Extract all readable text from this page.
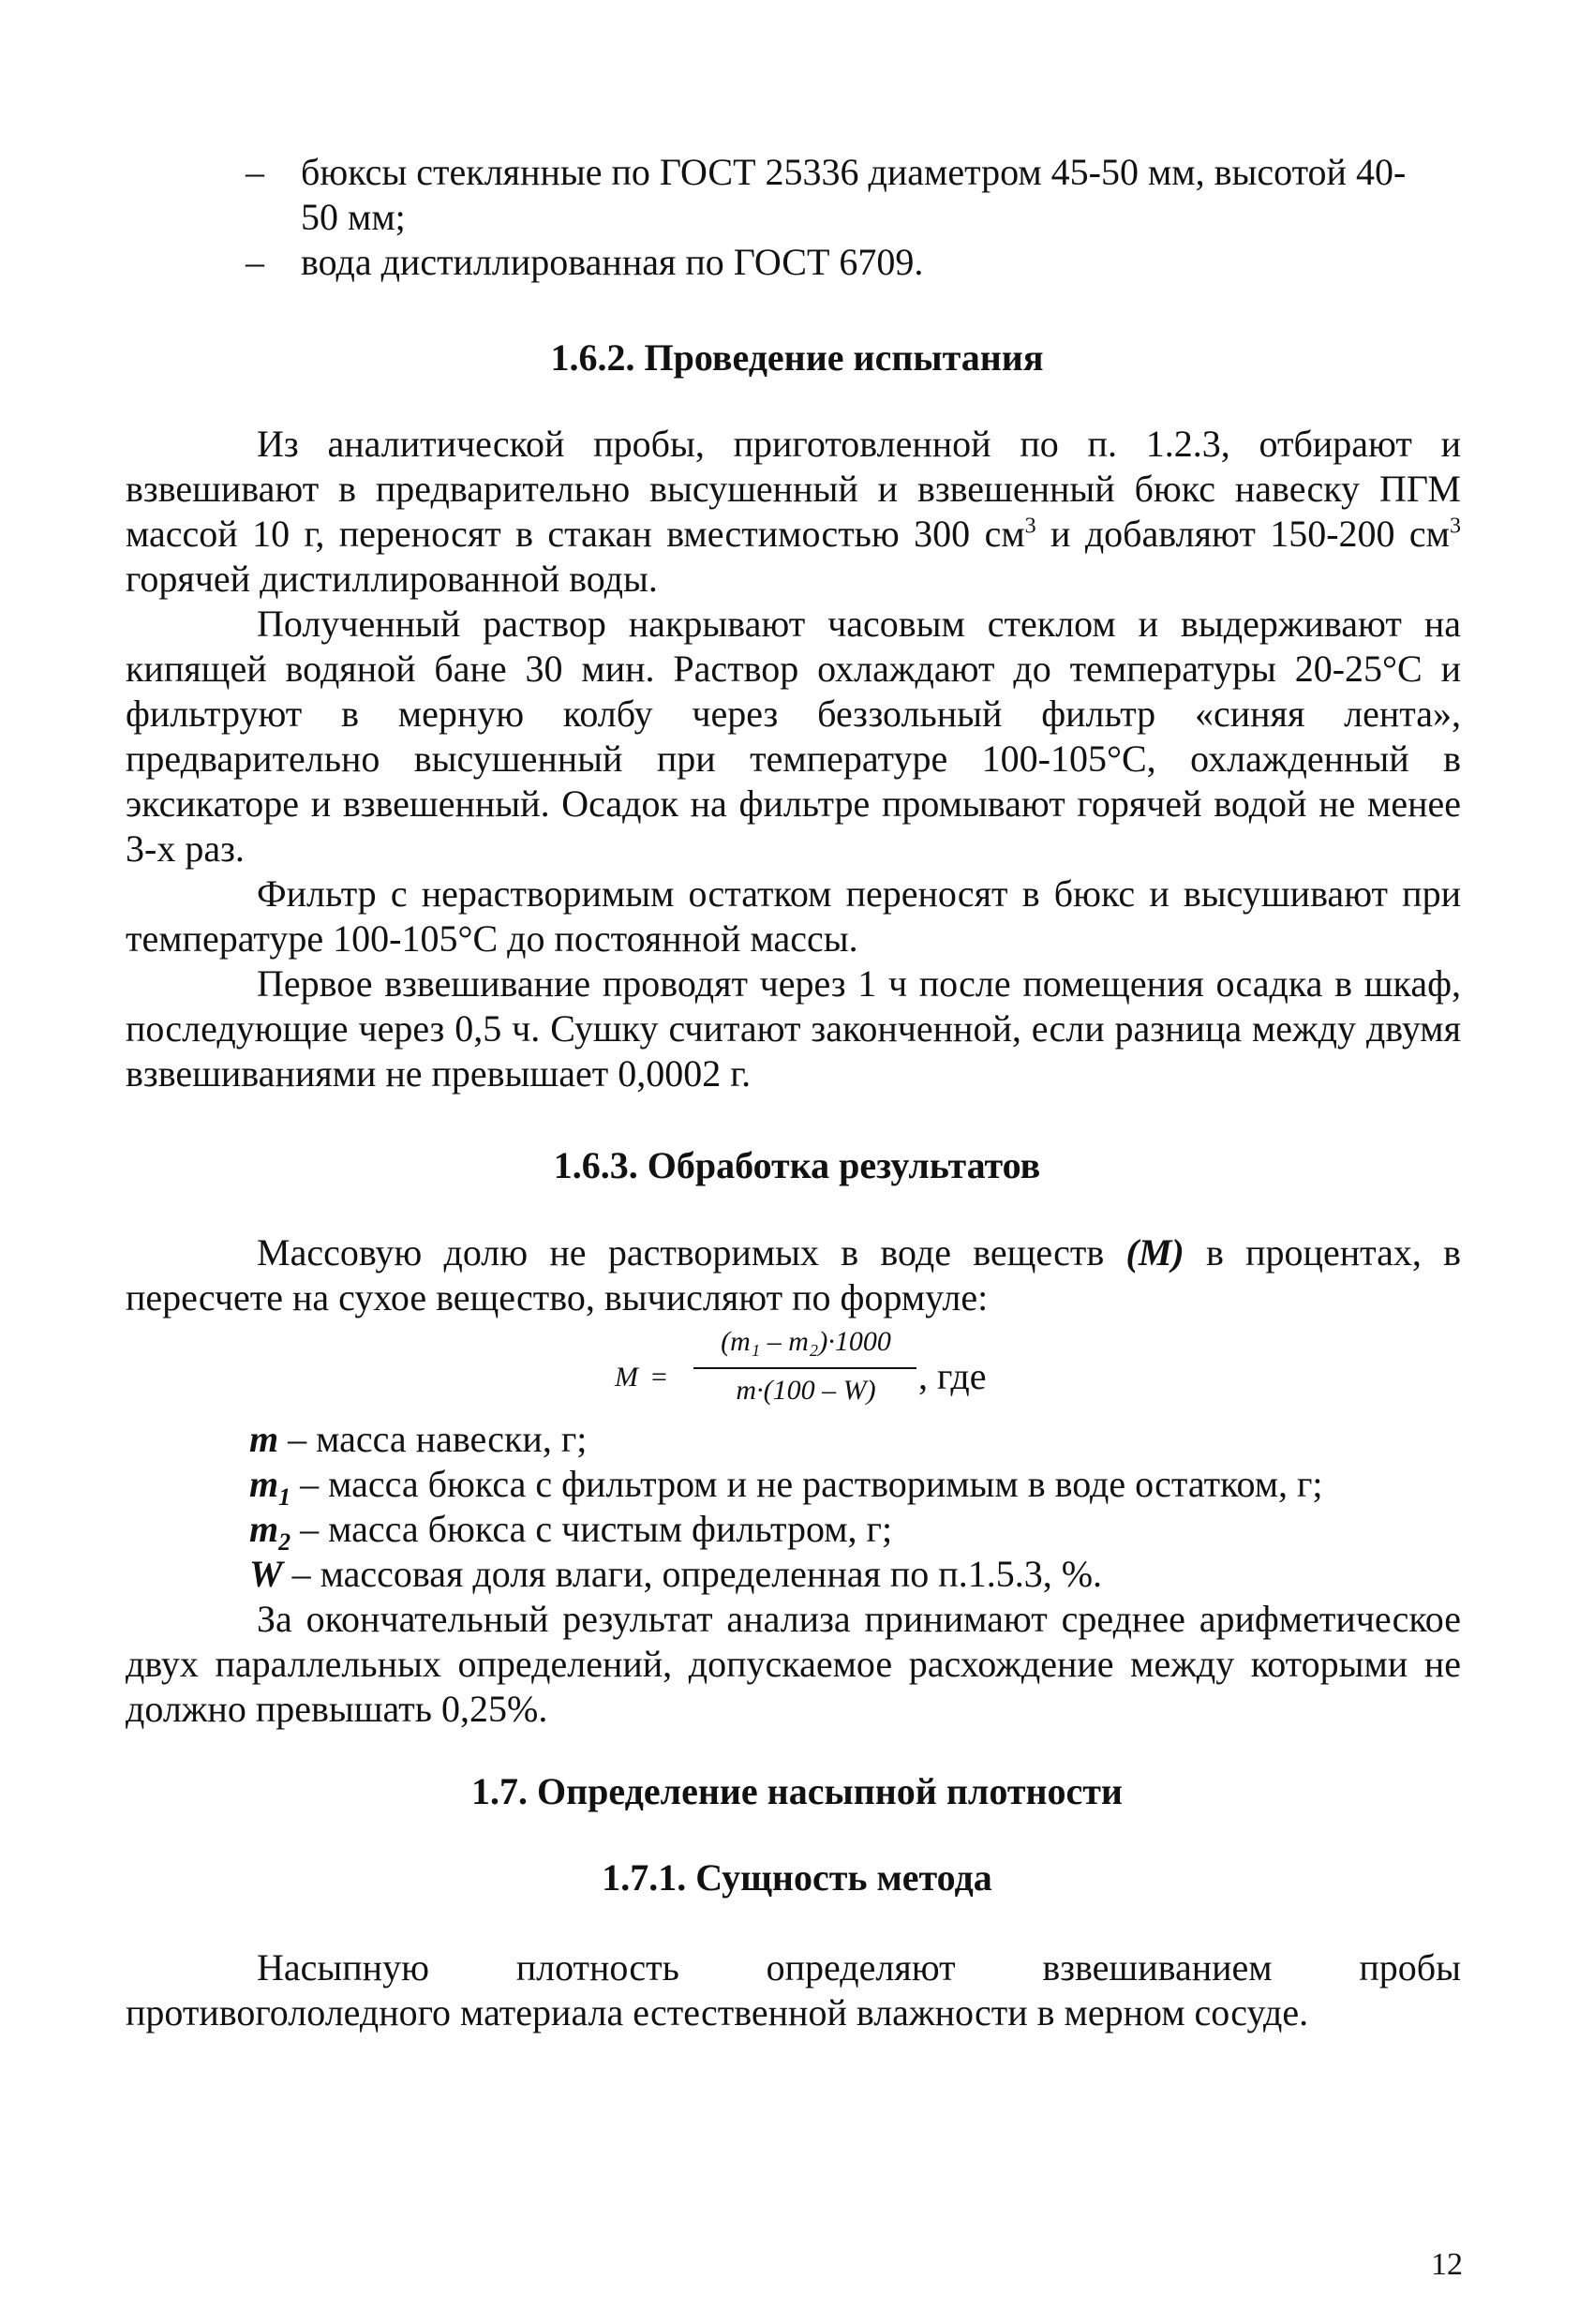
– бюксы стеклянные по ГОСТ 25336 диаметром 45-50 мм, высотой 40-
50 мм;

– вода дистиллированная по ГОСТ 6709.

1.6.2. Проведение испытания

Из аналитической пробы, приготовленной по п. 1.2.3, отбирают и взвешивают в предварительно высушенный и взвешенный бюкс навеску ПГМ массой 10 г, переносят в стакан вместимостью 300 $см^3$ и добавляют 150-200 $см^3$ горячей дистиллированной воды.

Полученный раствор накрывают часовым стеклом и выдерживают на кипящей водяной бане 30 мин. Раствор охлаждают до температуры 20-25°С и фильтруют в мерную колбу через беззольный фильтр «синяя лента», предварительно высушенный при температуре 100-105°С, охлажденный в эксикаторе и взвешенный. Осадок на фильтре промывают горячей водой не менее 3-х раз.

Фильтр с нерастворимым остатком переносят в бюкс и высушивают при температуре 100-105°С до постоянной массы.

Первое взвешивание проводят через 1 ч после помещения осадка в шкаф, последующие через 0,5 ч. Сушку считают законченной, если разница между двумя взвешиваниями не превышает 0,0002 г.

1.6.3. Обработка результатов

Массовую долю не растворимых в воде веществ (М) в процентах, в пересчете на сухое вещество, вычисляют по формуле:

M =
(m₁ – m₂)·1000
m·(100 – W)	, где

m – масса навески, г;

$m_1$ – масса бюкса с фильтром и не растворимым в воде остатком, г;

$m_2$ – масса бюкса с чистым фильтром, г;

W – массовая доля влаги, определенная по п.1.5.3, %.

За окончательный результат анализа принимают среднее арифметическое двух параллельных определений, допускаемое расхождение между которыми не должно превышать 0,25%.

1.7. Определение насыпной плотности
1.7.1. Сущность метода

Насыпную плотность определяют взвешиванием пробы противогололедного материала естественной влажности в мерном сосуде.

12
